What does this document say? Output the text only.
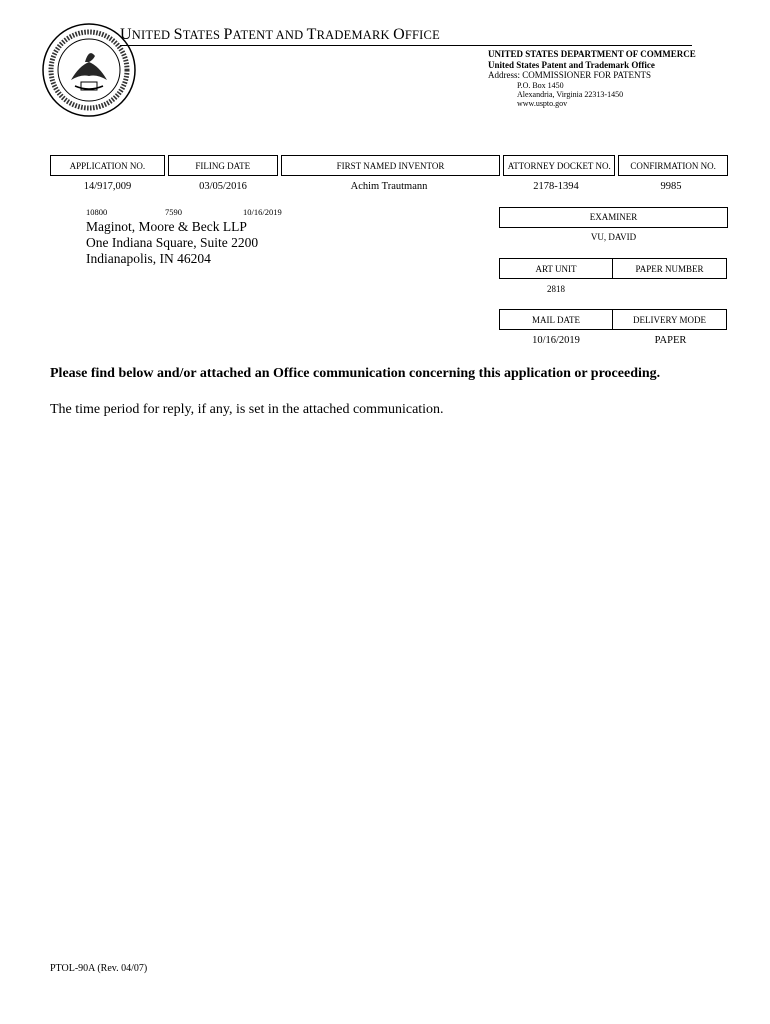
UNITED STATES PATENT AND TRADEMARK OFFICE
UNITED STATES DEPARTMENT OF COMMERCE
United States Patent and Trademark Office
Address: COMMISSIONER FOR PATENTS
P.O. Box 1450
Alexandria, Virginia 22313-1450
www.uspto.gov
APPLICATION NO.		FILING DATE		FIRST NAMED INVENTOR		ATTORNEY DOCKET NO.		CONFIRMATION NO.
14/917,009	03/05/2016	Achim Trautmann	2178-1394	9985
10800	7590	10/16/2019
Maginot, Moore & Beck LLP
One Indiana Square, Suite 2200
Indianapolis, IN 46204
EXAMINER
VU, DAVID
ART UNIT	PAPER NUMBER
2818
MAIL DATE	DELIVERY MODE
10/16/2019	PAPER
Please find below and/or attached an Office communication concerning this application or proceeding.
The time period for reply, if any, is set in the attached communication.
PTOL-90A (Rev. 04/07)
